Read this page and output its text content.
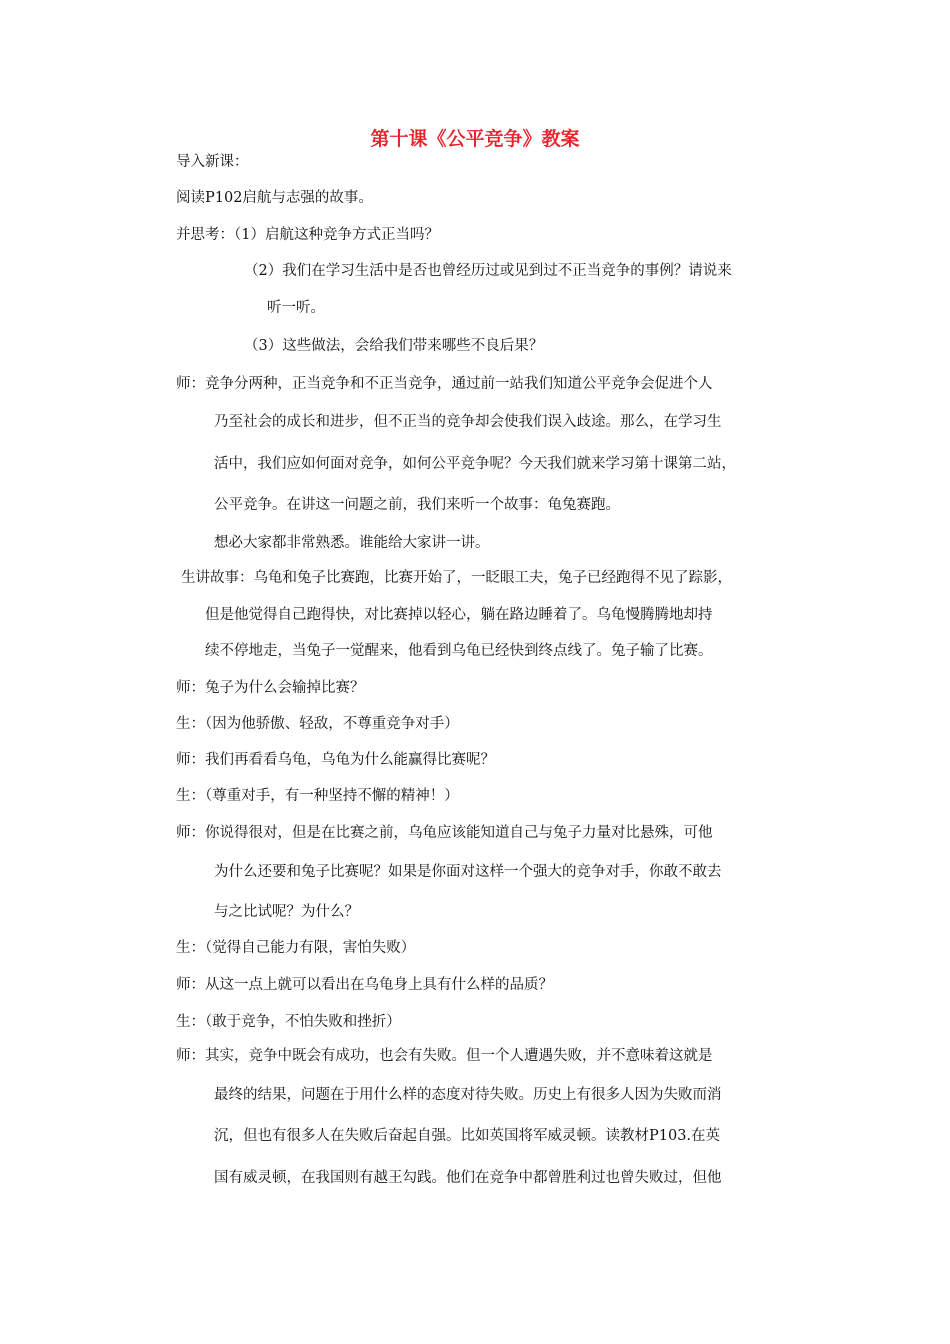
第十课《公平竞争》教案

导入新课：

阅读P102启航与志强的故事。

并思考：（1）启航这种竞争方式正当吗？

（2）我们在学习生活中是否也曾经历过或见到过不正当竞争的事例？请说来

听一听。

（3）这些做法，会给我们带来哪些不良后果？

师：竞争分两种，正当竞争和不正当竞争，通过前一站我们知道公平竞争会促进个人

乃至社会的成长和进步，但不正当的竞争却会使我们误入歧途。那么，在学习生

活中，我们应如何面对竞争，如何公平竞争呢？今天我们就来学习第十课第二站，

公平竞争。在讲这一问题之前，我们来听一个故事：龟兔赛跑。

想必大家都非常熟悉。谁能给大家讲一讲。

生讲故事：乌龟和兔子比赛跑，比赛开始了，一眨眼工夫，兔子已经跑得不见了踪影，

但是他觉得自己跑得快，对比赛掉以轻心，躺在路边睡着了。乌龟慢腾腾地却持

续不停地走，当兔子一觉醒来，他看到乌龟已经快到终点线了。兔子输了比赛。

师：兔子为什么会输掉比赛？

生：（因为他骄傲、轻敌，不尊重竞争对手）

师：我们再看看乌龟，乌龟为什么能赢得比赛呢？

生：（尊重对手，有一种坚持不懈的精神！）

师：你说得很对，但是在比赛之前，乌龟应该能知道自己与兔子力量对比悬殊，可他

为什么还要和兔子比赛呢？如果是你面对这样一个强大的竞争对手，你敢不敢去

与之比试呢？为什么？

生：（觉得自己能力有限，害怕失败）

师：从这一点上就可以看出在乌龟身上具有什么样的品质？

生：（敢于竞争，不怕失败和挫折）

师：其实，竞争中既会有成功，也会有失败。但一个人遭遇失败，并不意味着这就是

最终的结果，问题在于用什么样的态度对待失败。历史上有很多人因为失败而消

沉，但也有很多人在失败后奋起自强。比如英国将军威灵顿。读教材P103.在英

国有威灵顿，在我国则有越王勾践。他们在竞争中都曾胜利过也曾失败过，但他
